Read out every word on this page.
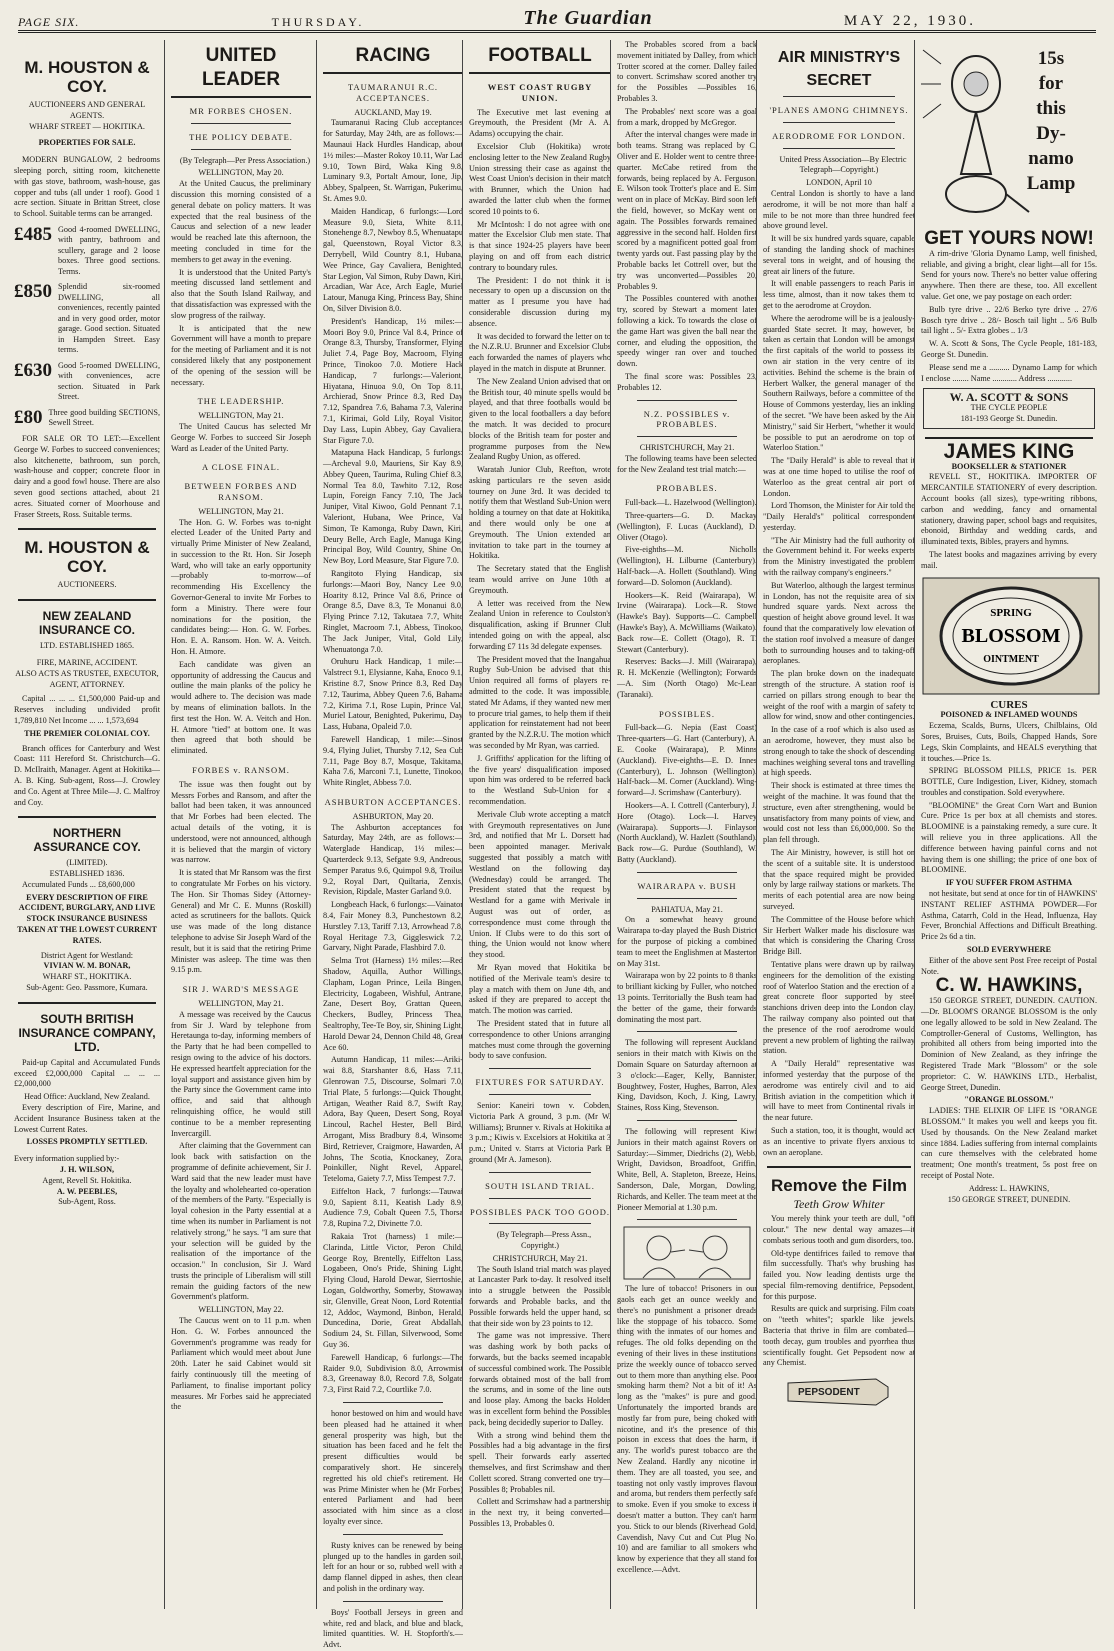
PAGE SIX.	THURSDAY.	The Guardian	MAY 22, 1930.
M. HOUSTON & COY.
AUCTIONEERS AND GENERAL AGENTS.
WHARF STREET — HOKITIKA.
PROPERTIES FOR SALE.

MODERN BUNGALOW, 2 bedrooms sleeping porch, sitting room, kitchenette with gas stove, bathroom, wash-house, gas copper and tubs (all under 1 roof). Good 1 acre section. Situate in Brittan Street, close to School. Suitable terms can be arranged.

£485 Good 4-roomed DWELLING, with pantry, bathroom and scullery, garage and 2 loose boxes. Three good sections. Terms.
£850 Splendid six-roomed DWELLING, all conveniences, recently painted and in very good order, motor garage. Good section. Situated in Hampden Street. Easy terms.
£630 Good 5-roomed DWELLING, with conveniences, acre section. Situated in Park Street.
£80 Three good building SECTIONS, Sewell Street.

FOR SALE OR TO LET:—Excellent George W. Forbes to succeed conveniences; also kitchenette, bathroom, sun porch, wash-house and copper; concrete floor in dairy and a good fowl house. There are also seven good sections attached, about 21 acres. Situated corner of Moorhouse and Fraser Streets, Ross. Suitable terms.

M. HOUSTON & COY.
AUCTIONEERS.
NEW ZEALAND INSURANCE CO.
LTD. ESTABLISHED 1865.
FIRE, MARINE, ACCIDENT.
ALSO ACTS AS TRUSTEE, EXECUTOR, AGENT, ATTORNEY.

Capital ... ... ... £1,500,000 Paid-up and Reserves including undivided profit 1,789,810 Net Income ... ... 1,573,694

THE PREMIER COLONIAL COY.

Branch offices for Canterbury and West Coast: 111 Hereford St. Christchurch—G. D. McIlraith, Manager. Agent at Hokitika—A. B. King. Sub-agent, Ross—J. Crowley and Co. Agent at Three Mile—J. C. Malfroy and Coy.

NORTHERN ASSURANCE COY.
(LIMITED).
ESTABLISHED 1836.

Accumulated Funds ... £8,600,000

EVERY DESCRIPTION OF FIRE ACCIDENT, BURGLARY, AND LIVE STOCK INSURANCE BUSINESS TAKEN AT THE LOWEST CURRENT RATES.
District Agent for Westland:
VIVIAN W. M. BONAR,
WHARF ST., HOKITIKA.
Sub-Agent: Geo. Passmore, Kumara.
SOUTH BRITISH INSURANCE COMPANY, LTD.

Paid-up Capital and Accumulated Funds exceed £2,000,000 Capital ... ... ... £2,000,000

Head Office: Auckland, New Zealand.

Every description of Fire, Marine, and Accident Insurance Business taken at the Lowest Current Rates.

LOSSES PROMPTLY SETTLED.
Every information supplied by:-
J. H. WILSON,
Agent, Revell St. Hokitika.
A. W. PEEBLES,
Sub-Agent, Ross.
UNITED LEADER
MR FORBES CHOSEN.
THE POLICY DEBATE.

(By Telegraph—Per Press Association.)

WELLINGTON, May 20.

At the United Caucus, the preliminary discussion this morning consisted of a general debate on policy matters. It was expected that the real business of the Caucus and selection of a new leader would be reached late this afternoon, the meeting concluded in time for the members to get away in the evening.

It is understood that the United Party's meeting discussed land settlement and also that the South Island Railway, and that dissatisfaction was expressed with the slow progress of the railway.

It is anticipated that the new Government will have a month to prepare for the meeting of Parliament and it is not considered likely that any postponement of the opening of the session will be necessary.

THE LEADERSHIP.
WELLINGTON, May 21.

The United Caucus has selected Mr George W. Forbes to succeed Sir Joseph Ward as Leader of the United Party.

A CLOSE FINAL.
BETWEEN FORBES AND RANSOM.
WELLINGTON, May 21.

The Hon. G. W. Forbes was to-night elected Leader of the United Party and virtually Prime Minister of New Zealand, in succession to the Rt. Hon. Sir Joseph Ward, who will take an early opportunity—probably to-morrow—of recommending His Excellency the Governor-General to invite Mr Forbes to form a Ministry. There were four nominations for the position, the candidates being:— Hon. G. W. Forbes. Hon. E. A. Ransom. Hon. W. A. Veitch. Hon. H. Atmore.

Each candidate was given an opportunity of addressing the Caucus and outline the main planks of the policy he would adhere to. The decision was made by means of elimination ballots. In the first test the Hon. W. A. Veitch and Hon. H. Atmore "tied" at bottom one. It was then agreed that both should be eliminated.

FORBES v. RANSOM.

The issue was then fought out by Messrs Forbes and Ransom, and after the ballot had been taken, it was announced that Mr Forbes had been elected. The actual details of the voting, it is understood, were not announced, although it is believed that the margin of victory was narrow.

It is stated that Mr Ransom was the first to congratulate Mr Forbes on his victory. The Hon. Sir Thomas Sidey (Attorney-General) and Mr C. E. Munns (Roskill) acted as scrutineers for the ballots. Quick use was made of the long distance telephone to advise Sir Joseph Ward of the result, but it is said that the retiring Prime Minister was asleep. The time was then 9.15 p.m.

SIR J. WARD'S MESSAGE
WELLINGTON, May 21.

A message was received by the Caucus from Sir J. Ward by telephone from Heretaunga to-day, informing members of the Party that he had been compelled to resign owing to the advice of his doctors. He expressed heartfelt appreciation for the loyal support and assistance given him by the Party since the Government came into office, and said that although relinquishing office, he would still continue to be a member representing Invercargill.

After claiming that the Government can look back with satisfaction on the programme of definite achievement, Sir J. Ward said that the new leader must have the loyalty and wholehearted co-operation of the members of the Party. "Especially is loyal cohesion in the Party essential at a time when its number in Parliament is not relatively strong," he says. "I am sure that your selection will be guided by the realisation of the importance of the occasion." In conclusion, Sir J. Ward trusts the principle of Liberalism will still remain the guiding factors of the new Government's platform.

WELLINGTON, May 22.

The Caucus went on to 11 p.m. when Hon. G. W. Forbes announced the Government's programme was ready for Parliament which would meet about June 20th. Later he said Cabinet would sit fairly continuously till the meeting of Parliament, to finalise important policy measures. Mr Forbes said he appreciated the

RACING
TAUMARANUI R.C. ACCEPTANCES.
AUCKLAND, May 19.

Taumaranui Racing Club acceptances for Saturday, May 24th, are as follows:— Maunaui Hack Hurdles Handicap, about 1½ miles:—Master Rokoy 10.11, War Lad 9.10, Town Bird, Waka King 9.8, Luminary 9.3, Portalt Amour, Ione, Jip, Abbey, Spalpeen, St. Warrigan, Pukerimu, St. Ames 9.0.

Maiden Handicap, 6 furlongs:—Lord Measure 9.0, Sieta, White 8.11, Stonehenge 8.7, Newboy 8.5, Whenuatapu gal, Queenstown, Royal Victor 8.3, Derrybell, Wild Country 8.1, Hubana, Wee Prince, Gay Cavaliera, Benighted, Star Legion, Val Simon, Ruby Dawn, Kiri, Arcadian, War Ace, Arch Eagle, Muriel Latour, Manuga King, Princess Bay, Shine On, Silver Division 8.0.

President's Handicap, 1½ miles:—Moori Boy 9.0, Prince Val 8.4, Prince of Orange 8.3, Thursby, Transformer, Flying Juliet 7.4, Page Boy, Macroom, Flying Prince, Tinokoo 7.0. Motiere Hack Handicap, 7 furlongs:—Valeriont, Hiyatana, Hinuoa 9.0, On Top 8.11, Archierad, Snow Prince 8.3, Red Day 7.12, Spandrea 7.6, Bahama 7.3, Valerina 7.1, Kirimai, Gold Lily, Royal Visitor, Day Lass, Lupin Abbey, Gay Cavaliera, Star Figure 7.0.

Matapuna Hack Handicap, 5 furlongs:—Archeval 9.0, Mauriens, Sir Kay 8.9, Abbey Queen, Taurima, Ruling Chief 8.3, Normal Tea 8.0, Tawhito 7.12, Rose Lupin, Foreign Fancy 7.10, The Jack Juniper, Vital Kiwoo, Gold Pennant 7.1, Valeriont, Hubana, Wee Prince, Val Simon, Te Kamonga, Ruby Dawn, Kiri, Deury Belle, Arch Eagle, Manuga King, Principal Boy, Wild Country, Shine On, New Boy, Lord Measure, Star Figure 7.0.

Rangitoto Flying Handicap, six furlongs:—Maori Boy, Nancy Lee 9.0, Hoarity 8.12, Prince Val 8.6, Prince of Orange 8.5, Dave 8.3, Te Monanui 8.0, Flying Prince 7.12, Takutaea 7.7, White Ringlet, Macroom 7.1, Abbess, Tinokoo, The Jack Juniper, Vital, Gold Lily, Whenuatonga 7.0.

Oruhuru Hack Handicap, 1 mile:—Valstrect 9.1, Elysianne, Kaha, Enoco 9.1, Kristine 8.7, Snow Prince 8.3, Red Day 7.12, Taurima, Abbey Queen 7.6, Bahama 7.2, Kirima 7.1, Rose Lupin, Prince Val, Muriel Latour, Benighted, Pukerimu, Day Lass, Hubana, Opaleid 7.0.

Farewell Handicap, 1 mile:—Sinost 9.4, Flying Juliet, Thursby 7.12, Sea Cub 7.11, Page Boy 8.7, Mosque, Takitama, Kaha 7.6, Marconi 7.1, Lunette, Tinokoo, White Ringlet, Abbess 7.0.

ASHBURTON ACCEPTANCES.
ASHBURTON, May 20.

The Ashburton acceptances for Saturday, May 24th, are as follows:— Waterglade Handicap, 1½ miles:— Quarterdeck 9.13, Sefgate 9.9, Andreous, Semper Paratus 9.6, Quimpol 9.8, Troilus 9.2, Royal Dart, Quiltaria, Zenxis, Revision, Ripdale, Master Garland 9.0.

Longbeach Hack, 6 furlongs:—Vainator 8.4, Fair Money 8.3, Punchestown 8.2, Hurstley 7.13, Tariff 7.13, Arrowhead 7.8, Royal Heritage 7.3, Giggleswick 7.2, Garvary, Night Parade, Flashbird 7.0.

Selma Trot (Harness) 1½ miles:—Red Shadow, Aquilla, Author Willings, Clapham, Logan Prince, Leila Bingen, Electricity, Logabeen, Wishful, Antrane, Zane, Desert Boy, Grattan Queen, Checkers, Budley, Princess Thea, Sealtrophy, Tee-Te Boy, sir, Shining Light, Harold Dewar 24, Dennon Child 48, Great Ace 60.

Autumn Handicap, 11 miles:—Ariki-wai 8.8, Starshanter 8.6, Hass 7.11, Glenrowan 7.5, Discourse, Solmari 7.0, Trial Plate, 5 furlongs:—Quick Thought, Artigan, Weather Raid 8.7, Swift Ray, Adora, Bay Queen, Desert Song, Royal Lincoul, Rachel Hester, Bell Bird, Arrogant, Miss Bradbury 8.4, Winsome Bird, Retriever, Craigmore, Hawarden, Al Johns, The Scotia, Knockaney, Zora, Poinkiller, Night Revel, Apparel, Teteloma, Gaiety 7.7, Miss Tempest 7.7.

Eiffelton Hack, 7 furlongs:—Tauwai 9.0, Sapient 8.11, Keatish Lady 8.9, Audience 7.9, Cobalt Queen 7.5, Thorsa 7.8, Rupina 7.2, Divinette 7.0.

Rakaia Trot (harness) 1 mile:—Clarinda, Little Victor, Peron Child, George Roy, Brentelly, Eiffelton Lass, Logabeen, Ono's Pride, Shining Light, Flying Cloud, Harold Dewar, Sierrtoshie, Logan, Goldworthy, Somerby, Stowaway sir, Glenville, Great Noon, Lord Rotential 12, Addoc, Waymond, Binbon, Herald, Duncedina, Dorie, Great Abdallah, Sodium 24, St. Fillan, Silverwood, Some Guy 36.

Farewell Handicap, 6 furlongs:—The Raider 9.0, Subdivision 8.0, Arrowmist 8.3, Greenaway 8.0, Record 7.8, Solgate 7.3, First Raid 7.2, Courtlike 7.0.

honor bestowed on him and would have been pleased had he attained it when general prosperity was high, but the situation has been faced and he felt the present difficulties would be comparatively short. He sincerely regretted his old chief's retirement. He was Prime Minister when he (Mr Forbes) entered Parliament and had been associated with him since as a close loyalty ever since.

Rusty knives can be renewed by being plunged up to the handles in garden soil, left for an hour or so, rubbed well with a damp flannel dipped in ashes, then clean and polish in the ordinary way.

Boys' Football Jerseys in green and white, red and black, and blue and black, limited quantities. W. H. Stopforth's.—Advt.

FOOTBALL
WEST COAST RUGBY UNION.

The Executive met last evening at Greymouth, the President (Mr A. A. Adams) occupying the chair.

Excelsior Club (Hokitika) wrote enclosing letter to the New Zealand Rugby Union stressing their case as against the West Coast Union's decision in their match with Brunner, which the Union had awarded the latter club when the former scored 10 points to 6.

Mr McIntosh: I do not agree with one matter the Excelsior Club men state. That is that since 1924-25 players have been playing on and off from each district contrary to boundary rules.

The President: I do not think it is necessary to open up a discussion on the matter as I presume you have had considerable discussion during my absence.

It was decided to forward the letter on to the N.Z.R.U. Brunner and Excelsior Clubs each forwarded the names of players who played in the match in dispute at Brunner.

The New Zealand Union advised that on the British tour, 40 minute spells would be played, and that three footballs would be given to the local footballers a day before the match. It was decided to procure blocks of the British team for poster and programme purposes from the New Zealand Rugby Union, as offered.

Waratah Junior Club, Reefton, wrote asking particulars re the seven aside tourney on June 3rd. It was decided to notify them that Westland Sub-Union were holding a tourney on that date at Hokitika, and there would only be one at Greymouth. The Union extended an invitation to take part in the tourney at Hokitika.

The Secretary stated that the English team would arrive on June 10th at Greymouth.

A letter was received from the New Zealand Union in reference to Coulston's disqualification, asking if Brunner Club intended going on with the appeal, also forwarding £7 11s 3d delegate expenses.

The President moved that the Inangahua Rugby Sub-Union be advised that this Union required all forms of players re-admitted to the code. It was impossible, stated Mr Adams, if they wanted new men to procure trial games, to help them if their application for reinstatement had not been granted by the N.Z.R.U. The motion which was seconded by Mr Ryan, was carried.

J. Griffiths' application for the lifting of the five years' disqualification imposed upon him was ordered to be referred back to the Westland Sub-Union for a recommendation.

Merivale Club wrote accepting a match with Greymouth representatives on June 3rd, and notified that Mr L. Dorsett had been appointed manager. Merivale suggested that possibly a match with Westland on the following day (Wednesday) could be arranged. The President stated that the request by Westland for a game with Merivale in August was out of order, as correspondence must come through the Union. If Clubs were to do this sort of thing, the Union would not know where they stood.

Mr Ryan moved that Hokitika be notified of the Merivale team's desire to play a match with them on June 4th, and asked if they are prepared to accept the match. The motion was carried.

The President stated that in future all correspondence to other Unions arranging matches must come through the governing body to save confusion.

FIXTURES FOR SATURDAY.

Senior: Kaneiri town v. Cobden, Victoria Park A ground, 3 p.m. (Mr W. Williams); Brunner v. Rivals at Hokitika at 3 p.m.; Kiwis v. Excelsiors at Hokitika at 3 p.m.; United v. Starrs at Victoria Park B ground (Mr A. Jameson).

SOUTH ISLAND TRIAL.
POSSIBLES PACK TOO GOOD.

(By Telegraph—Press Assn., Copyright.)

CHRISTCHURCH, May 21.

The South Island trial match was played at Lancaster Park to-day. It resolved itself into a struggle between the Possible forwards and Probable backs, and the Possible forwards held the upper hand, so that their side won by 23 points to 12.

The game was not impressive. There was dashing work by both packs of forwards, but the backs seemed incapable of successful combined work. The Possible forwards obtained most of the ball from the scrums, and in some of the line outs and loose play. Among the backs Holden was in excellent form behind the Possibles pack, being decidedly superior to Dalley.

With a strong wind behind them the Possibles had a big advantage in the first spell. Their forwards early asserted themselves, and first Scrimshaw and then Collett scored. Strang converted one try—Possibles 8; Probables nil.

Collett and Scrimshaw had a partnership in the next try, it being converted—Possibles 13, Probables 0.

The Probables scored from a back movement initiated by Dalley, from which Trotter scored at the corner. Dalley failed to convert. Scrimshaw scored another try for the Possibles —Possibles 16, Probables 3.

The Probables' next score was a goal from a mark, dropped by McGregor.

After the interval changes were made in both teams. Strang was replaced by C. Oliver and E. Holder went to centre three-quarter. McCabe retired from the forwards, being replaced by A. Ferguson. E. Wilson took Trotter's place and E. Sim went on in place of McKay. Bird soon left the field, however, so McKay went on again. The Possibles forwards remained aggressive in the second half. Holden first scored by a magnificent potted goal from twenty yards out. Fast passing play by the Probable backs let Cottrell over, but the try was unconverted—Possibles 20, Probables 9.

The Possibles countered with another try, scored by Stewart a moment later following a kick. To towards the close of the game Hart was given the ball near the corner, and eluding the opposition, the speedy winger ran over and touched down.

The final score was: Possibles 23, Probables 12.

N.Z. POSSIBLES v. PROBABLES.
CHRISTCHURCH, May 21.

The following teams have been selected for the New Zealand test trial match:—

PROBABLES.

Full-back—L. Hazelwood (Wellington).

Three-quarters—G. D. Mackay (Wellington), F. Lucas (Auckland), D. Oliver (Otago).

Five-eighths—M. Nicholls (Wellington), H. Lilburne (Canterbury). Half-back—A. Hollett (Southland). Wing forward—D. Solomon (Auckland).

Hookers—K. Reid (Wairarapa), W. Irvine (Wairarapa). Lock—R. Stowe (Hawke's Bay). Supports—C. Campbell (Hawke's Bay), A. McWilliams (Waikato). Back row—E. Collett (Otago), R. T. Stewart (Canterbury).

Reserves: Backs—J. Mill (Wairarapa), R. H. McKenzie (Wellington); Forwards—A. Sim (North Otago) Mc-Lean (Taranaki).

POSSIBLES.

Full-back—G. Nepia (East Coast) Three-quarters—G. Hart (Canterbury), A. E. Cooke (Wairarapa), P. Minns (Auckland). Five-eighths—E. D. Innes (Canterbury), L. Johnson (Wellington). Half-back—M. Corner (Auckland). Wing-forward—J. Scrimshaw (Canterbury).

Hookers—A. I. Cottrell (Canterbury), J. Hore (Otago). Lock—I. Harvey (Wairarapa). Supports—J. Finlayson (North Auckland), W. Hazlett (Southland). Back row—G. Purdue (Southland), W. Batty (Auckland).

WAIRARAPA v. BUSH
PAHIATUA, May 21.

On a somewhat heavy ground Wairarapa to-day played the Bush District for the purpose of picking a combined team to meet the Englishmen at Masterton on May 31st.

Wairarapa won by 22 points to 8 thanks to brilliant kicking by Fuller, who notched 13 points. Territorially the Bush team had the better of the game, their forwards dominating the most part.

The following will represent Auckland seniors in their match with Kiwis on the Domain Square on Saturday afternoon at 3 o'clock:—Eager, Kelly, Bannister, Boughtwey, Foster, Hughes, Barron, Alex King, Davidson, Koch, J. King, Lawry, Staines, Ross King, Stevenson.

The following will represent Kiwi Juniors in their match against Rovers on Saturday:—Simmer, Diedrichs (2), Webb, Wright, Davidson, Broadfoot, Griffin, White, Bell, A. Stapleton, Breeze, Heins, Sanderson, Dale, Morgan, Dowling, Richards, and Keller. The team meet at the Pioneer Memorial at 1.30 p.m.

The lure of tobacco! Prisoners in our gaols each get an ounce weekly and there's no punishment a prisoner dreads like the stoppage of his tobacco. Some thing with the inmates of our homes and refuges. The old folks depending on the evening of their lives in these institutions prize the weekly ounce of tobacco served out to them more than anything else. Poor smoking harm them? Not a bit of it! As long as the "makes" is pure and good. Unfortunately the imported brands are mostly far from pure, being choked with nicotine, and it's the presence of this poison in excess that does the harm, if any. The world's purest tobacco are the New Zealand. Hardly any nicotine in them. They are all toasted, you see, and toasting not only vastly improves flavour and aroma, but renders them perfectly safe to smoke. Even if you smoke to excess it doesn't matter a button. They can't harm you. Stick to our blends (Riverhead Gold, Cavendish, Navy Cut and Cut Plug No. 10) and are familiar to all smokers who know by experience that they all stand for excellence.—Advt.

AIR MINISTRY'S
SECRET
'PLANES AMONG CHIMNEYS.
AERODROME FOR LONDON.

United Press Association—By Electric Telegraph—Copyright.)

LONDON, April 10

Central London is shortly to have a land aerodrome, it will be not more than half a mile to be not more than three hundred feet above ground level.

It will be six hundred yards square, capable of standing the landing shock of machines several tons in weight, and of housing the great air liners of the future.

It will enable passengers to reach Paris in less time, almost, than it now takes them to get to the aerodrome at Croydon.

Where the aerodrome will be is a jealously-guarded State secret. It may, however, be taken as certain that London will be amongst the first capitals of the world to possess its own air station in the very centre of its activities. Behind the scheme is the brain of Herbert Walker, the general manager of the Southern Railways, before a committee of the House of Commons yesterday, lies an inkling of the secret. "We have been asked by the Air Ministry," said Sir Herbert, "whether it would be possible to put an aerodrome on top of Waterloo Station."

The "Daily Herald" is able to reveal that it was at one time hoped to utilise the roof of Waterloo as the great central air port of London.

Lord Thomson, the Minister for Air told the "Daily Herald's" political correspondent yesterday.

"The Air Ministry had the full authority of the Government behind it. For weeks experts from the Ministry investigated the problem with the railway company's engineers."

But Waterloo, although the largest terminus in London, has not the requisite area of six hundred square yards. Next across the question of height above ground level. It was found that the comparatively low elevation of the station roof involved a measure of danger both to surrounding houses and to taking-off aeroplanes.

The plan broke down on the inadequate strength of the structure. A station roof is carried on pillars strong enough to bear the weight of the roof with a margin of safety to allow for wind, snow and other contingencies.

In the case of a roof which is also used as an aerodrome, however, they must also be strong enough to take the shock of descending machines weighing several tons and travelling at high speeds.

Their shock is estimated at three times the weight of the machine. It was found that the structure, even after strengthening, would be unsatisfactory from many points of view, and would cost not less than £6,000,000. So the plan fell through.

The Air Ministry, however, is still hot on the scent of a suitable site. It is understood that the space required might be provided only by large railway stations or markets. The merits of each potential area are now being surveyed.

The Committee of the House before which Sir Herbert Walker made his disclosure was that which is considering the Charing Cross Bridge Bill.

Tentative plans were drawn up by railway engineers for the demolition of the existing roof of Waterloo Station and the erection of a great concrete floor supported by steel stanchions driven deep into the London clay. The railway company also pointed out that the presence of the roof aerodrome would prevent a new problem of lighting the railway station.

A "Daily Herald" representative was informed yesterday that the purpose of the aerodrome was entirely civil and to aid British aviation in the competition which it will have to meet from Continental rivals in the near future.

Such a station, too, it is thought, would act as an incentive to private flyers anxious to own an aeroplane.

Remove the Film
Teeth Grow Whiter

You merely think your teeth are dull, "off colour." The new dental way amazes—it combats serious tooth and gum disorders, too.

Old-type dentifrices failed to remove that film successfully. That's why brushing has failed you. Now leading dentists urge the special film-removing dentifrice, Pepsodent, for this purpose.

Results are quick and surprising. Film coats on "teeth whites"; sparkle like jewels. Bacteria that thrive in film are combated—tooth decay, gum troubles and pyorrhea thus scientifically fought. Get Pepsodent now at any Chemist.

PEPSODENT
15s
for
this
Dy-
namo
Lamp
GET YOURS NOW!

A rim-drive 'Gloria Dynamo Lamp, well finished, reliable, and giving a bright, clear light—all for 15s. Send for yours now. There's no better value offering anywhere. Then there are these, too. All excellent value. Get one, we pay postage on each order:

Bulb tyre drive .. 22/6 Berko tyre drive .. 27/6 Bosch tyre drive .. 28/- Bosch tail light .. 5/6 Bulb tail light .. 5/- Extra globes .. 1/3

W. A. Scott & Sons, The Cycle People, 181-183, George St. Dunedin.

Please send me a .......... Dynamo Lamp for which I enclose ........ Name ............ Address ............

W. A. SCOTT & SONS
THE CYCLE PEOPLE
181-193 George St. Dunedin.
JAMES KING
BOOKSELLER & STATIONER

REVELL ST., HOKITIKA. IMPORTER OF MERCANTILE STATIONERY of every description. Account books (all sizes), type-writing ribbons, carbon and wedding, fancy and ornamental stationery, drawing paper, school bags and requisites, ebonoid, Birthday and wedding cards, and illuminated texts, Bibles, prayers and hymns.

The latest books and magazines arriving by every mail.

SPRING
BLOSSOM
OINTMENT
CURES
POISONED & INFLAMED WOUNDS

Eczema, Scalds, Burns, Ulcers, Chilblains, Old Sores, Bruises, Cuts, Boils, Chapped Hands, Sore Legs, Skin Complaints, and HEALS everything that it touches.—Price 1s.

SPRING BLOSSOM PILLS, PRICE 1s. PER BOTTLE, Cure Indigestion, Liver, Kidney, stomach troubles and constipation. Sold everywhere.

"BLOOMINE" the Great Corn Wart and Bunion Cure. Price 1s per box at all chemists and stores. BLOOMINE is a painstaking remedy, a sure cure. It will relieve you in three applications. All the difference between having painful corns and not having them is one shilling; the price of one box of BLOOMINE.

IF YOU SUFFER FROM ASTHMA

not hesitate, but send at once for tin of HAWKINS' INSTANT RELIEF ASTHMA POWDER—For Asthma, Catarrh, Cold in the Head, Influenza, Hay Fever, Bronchial Affections and Difficult Breathing. Price 2s 6d a tin.

SOLD EVERYWHERE

Either of the above sent Post Free receipt of Postal Note.

C. W. HAWKINS,

150 GEORGE STREET, DUNEDIN. CAUTION.—Dr. BLOOM'S ORANGE BLOSSOM is the only one legally allowed to be sold in New Zealand. The Comptroller-General of Customs, Wellington, has prohibited all others from being imported into the Dominion of New Zealand, as they infringe the Registered Trade Mark "Blossom" or the sole proprietor: C. W. HAWKINS LTD., Herbalist, George Street, Dunedin.

"ORANGE BLOSSOM."

LADIES: THE ELIXIR OF LIFE IS "ORANGE BLOSSOM." It makes you well and keeps you fit. Used by thousands. On the New Zealand market since 1884. Ladies suffering from internal complaints can cure themselves with the celebrated home treatment; One month's treatment, 5s post free on receipt of Postal Note.

Address: L. HAWKINS,
150 GEORGE STREET, DUNEDIN.
